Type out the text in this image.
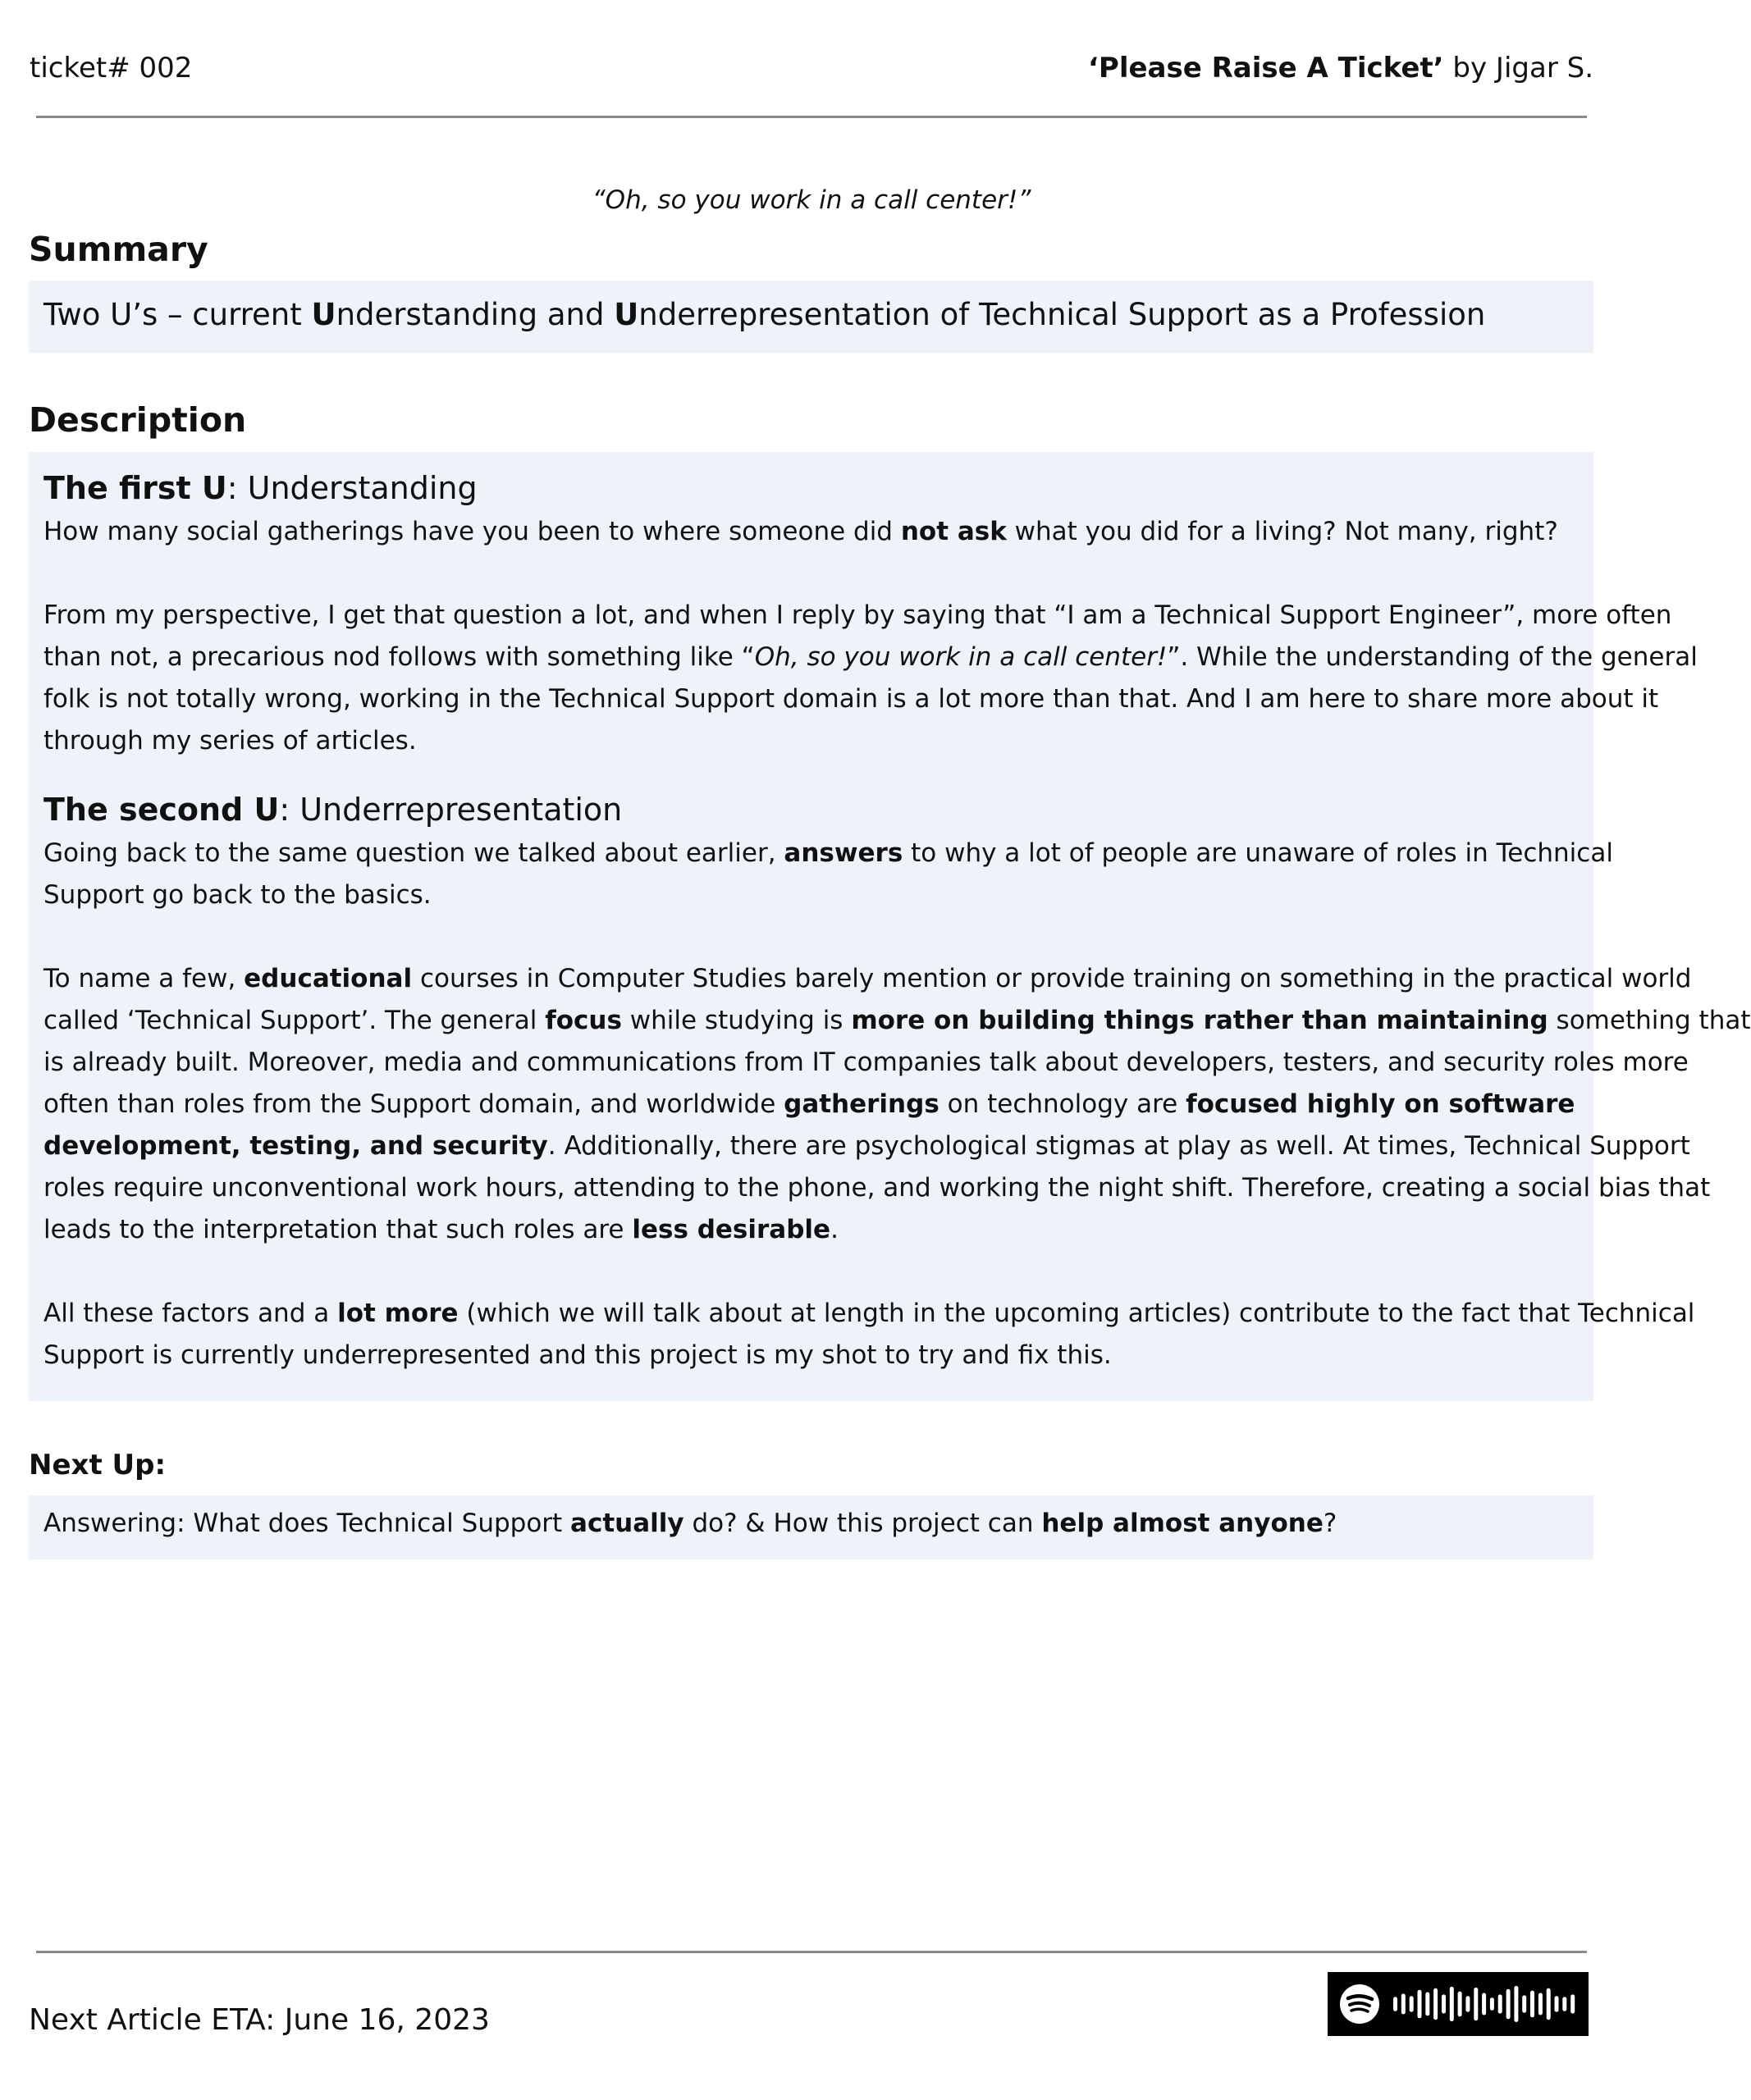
ticket# 002	‘Please Raise A Ticket’ by Jigar S.
“Oh, so you work in a call center!”
Summary
Two U’s – current Understanding and Underrepresentation of Technical Support as a Profession
Description
The first U: Understanding

How many social gatherings have you been to where someone did not ask what you did for a living? Not many, right?

From my perspective, I get that question a lot, and when I reply by saying that “I am a Technical Support Engineer”, more often

than not, a precarious nod follows with something like “Oh, so you work in a call center!”. While the understanding of the general

folk is not totally wrong, working in the Technical Support domain is a lot more than that. And I am here to share more about it

through my series of articles.

The second U: Underrepresentation

Going back to the same question we talked about earlier, answers to why a lot of people are unaware of roles in Technical

Support go back to the basics.

To name a few, educational courses in Computer Studies barely mention or provide training on something in the practical world

called ‘Technical Support’. The general focus while studying is more on building things rather than maintaining something that

is already built. Moreover, media and communications from IT companies talk about developers, testers, and security roles more

often than roles from the Support domain, and worldwide gatherings on technology are focused highly on software

development, testing, and security. Additionally, there are psychological stigmas at play as well. At times, Technical Support

roles require unconventional work hours, attending to the phone, and working the night shift. Therefore, creating a social bias that

leads to the interpretation that such roles are less desirable.

All these factors and a lot more (which we will talk about at length in the upcoming articles) contribute to the fact that Technical

Support is currently underrepresented and this project is my shot to try and fix this.

Next Up:
Answering: What does Technical Support actually do? & How this project can help almost anyone?
Next Article ETA: June 16, 2023
